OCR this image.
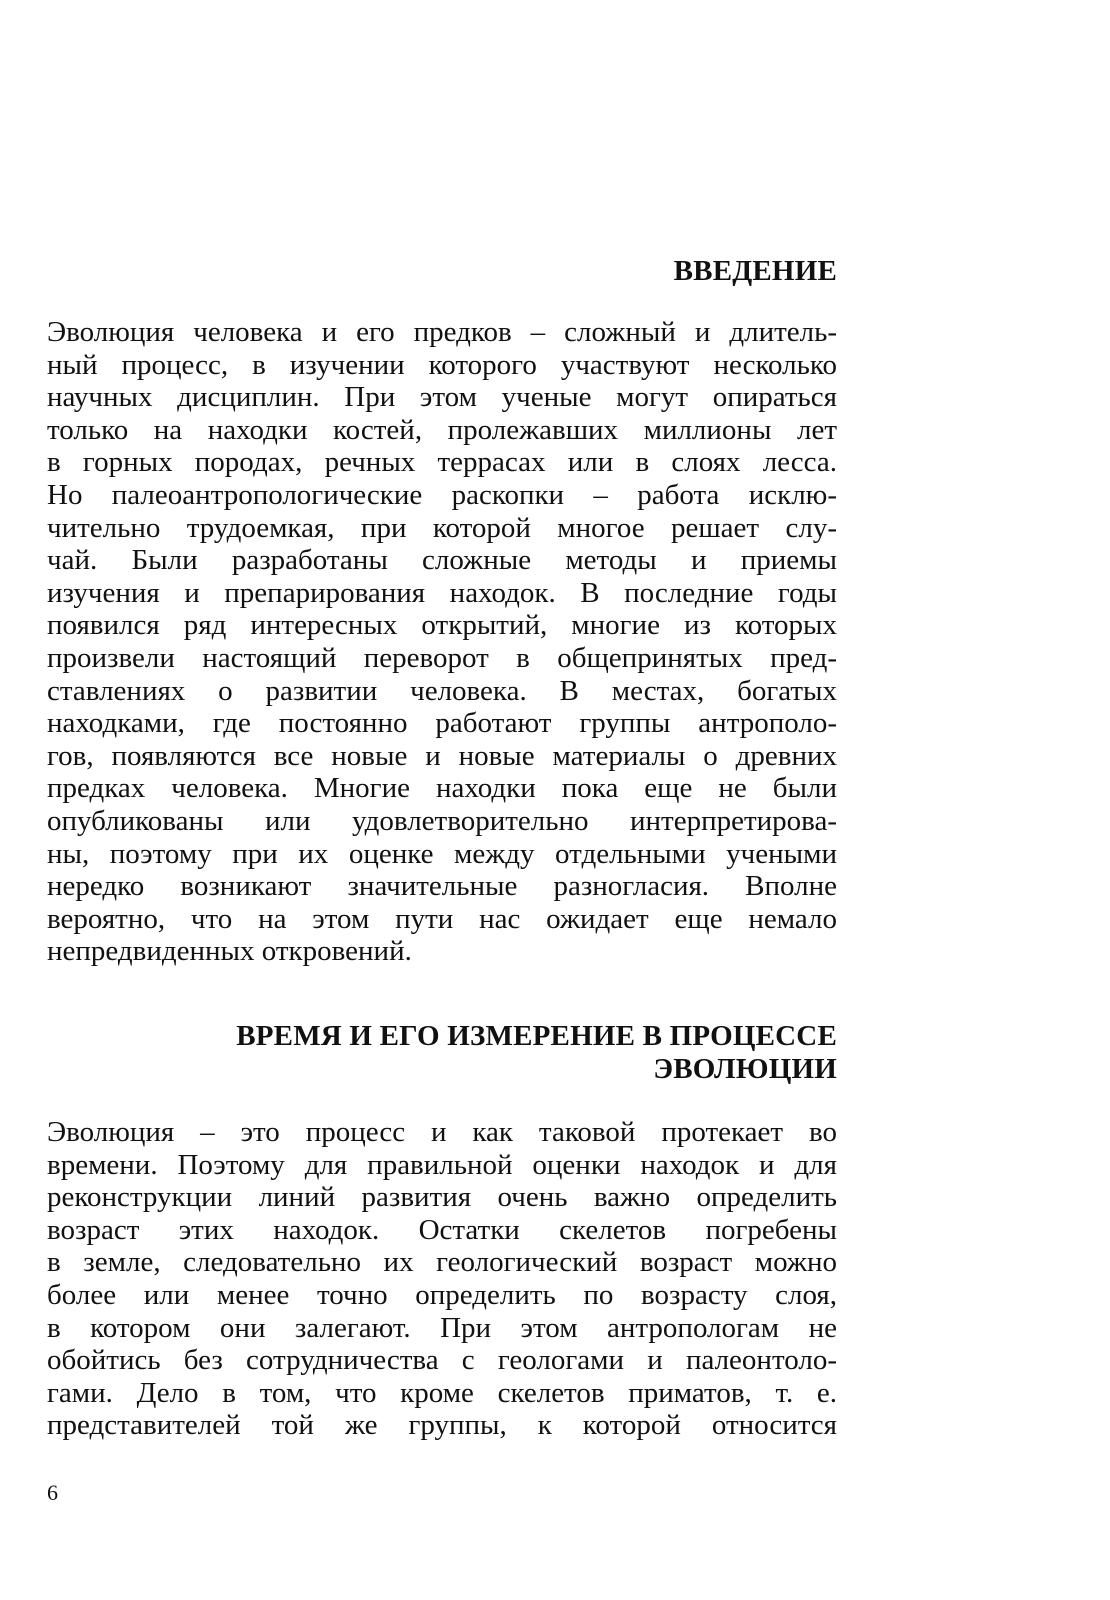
ВВЕДЕНИЕ
Эволюция человека и его предков – сложный и длитель-
ный процесс, в изучении которого участвуют несколько
научных дисциплин. При этом ученые могут опираться
только на находки костей, пролежавших миллионы лет
в горных породах, речных террасах или в слоях лесса.
Но палеоантропологические раскопки – работа исклю-
чительно трудоемкая, при которой многое решает слу-
чай. Были разработаны сложные методы и приемы
изучения и препарирования находок. В последние годы
появился ряд интересных открытий, многие из которых
произвели настоящий переворот в общепринятых пред-
ставлениях о развитии человека. В местах, богатых
находками, где постоянно работают группы антрополо-
гов, появляются все новые и новые материалы о древних
предках человека. Многие находки пока еще не были
опубликованы или удовлетворительно интерпретирова-
ны, поэтому при их оценке между отдельными учеными
нередко возникают значительные разногласия. Вполне
вероятно, что на этом пути нас ожидает еще немало
непредвиденных откровений.
ВРЕМЯ И ЕГО ИЗМЕРЕНИЕ В ПРОЦЕССЕ
ЭВОЛЮЦИИ
Эволюция – это процесс и как таковой протекает во
времени. Поэтому для правильной оценки находок и для
реконструкции линий развития очень важно определить
возраст этих находок. Остатки скелетов погребены
в земле, следовательно их геологический возраст можно
более или менее точно определить по возрасту слоя,
в котором они залегают. При этом антропологам не
обойтись без сотрудничества с геологами и палеонтоло-
гами. Дело в том, что кроме скелетов приматов, т. е.
представителей той же группы, к которой относится
6
